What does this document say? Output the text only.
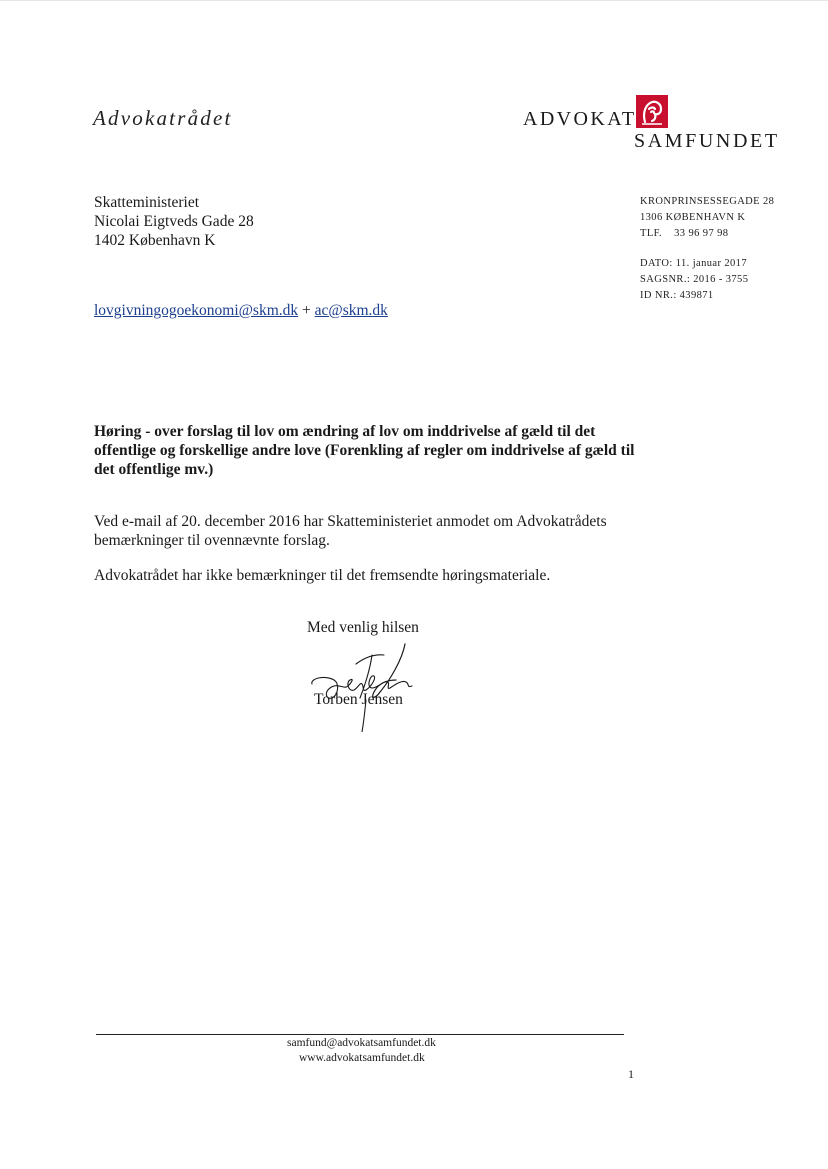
Advokatrådet	ADVOKAT
SAMFUNDET
Skatteministeriet
Nicolai Eigtveds Gade 28
1402 København K
KRONPRINSESSEGADE 28
1306 KØBENHAVN K
TLF.    33 96 97 98
DATO: 11. januar 2017
SAGSNR.: 2016 - 3755
ID NR.: 439871
lovgivningogoekonomi@skm.dk + ac@skm.dk
Høring - over forslag til lov om ændring af lov om inddrivelse af gæld til det offentlige og forskellige andre love (Forenkling af regler om inddrivelse af gæld til det offentlige mv.)
Ved e-mail af 20. december 2016 har Skatteministeriet anmodet om Advokatrådets bemærkninger til ovennævnte forslag.
Advokatrådet har ikke bemærkninger til det fremsendte høringsmateriale.
Med venlig hilsen
Torben Jensen
samfund@advokatsamfundet.dk
www.advokatsamfundet.dk
1
